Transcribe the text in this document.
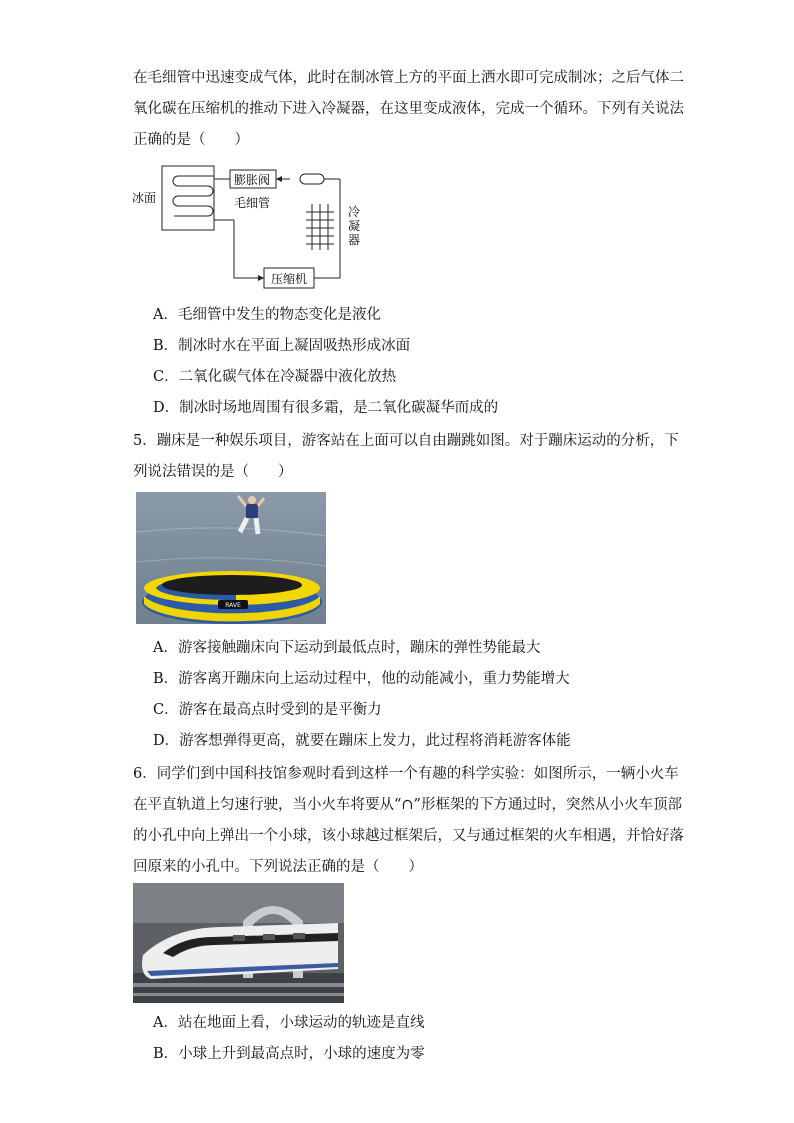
在毛细管中迅速变成气体，此时在制冰管上方的平面上洒水即可完成制冰；之后气体二
氧化碳在压缩机的推动下进入冷凝器，在这里变成液体，完成一个循环。下列有关说法
正确的是（　　）
冰面
膨胀阀
毛细管
冷
凝
器
压缩机
A．毛细管中发生的物态变化是液化
B．制冰时水在平面上凝固吸热形成冰面
C．二氧化碳气体在冷凝器中液化放热
D．制冰时场地周围有很多霜，是二氧化碳凝华而成的
5．蹦床是一种娱乐项目，游客站在上面可以自由蹦跳如图。对于蹦床运动的分析，下
列说法错误的是（　　）
RAVE
A．游客接触蹦床向下运动到最低点时，蹦床的弹性势能最大
B．游客离开蹦床向上运动过程中，他的动能减小，重力势能增大
C．游客在最高点时受到的是平衡力
D．游客想弹得更高，就要在蹦床上发力，此过程将消耗游客体能
6．同学们到中国科技馆参观时看到这样一个有趣的科学实验：如图所示，一辆小火车
在平直轨道上匀速行驶，当小火车将要从“∩”形框架的下方通过时，突然从小火车顶部
的小孔中向上弹出一个小球，该小球越过框架后，又与通过框架的火车相遇，并恰好落
回原来的小孔中。下列说法正确的是（　　）
A．站在地面上看，小球运动的轨迹是直线
B．小球上升到最高点时，小球的速度为零
